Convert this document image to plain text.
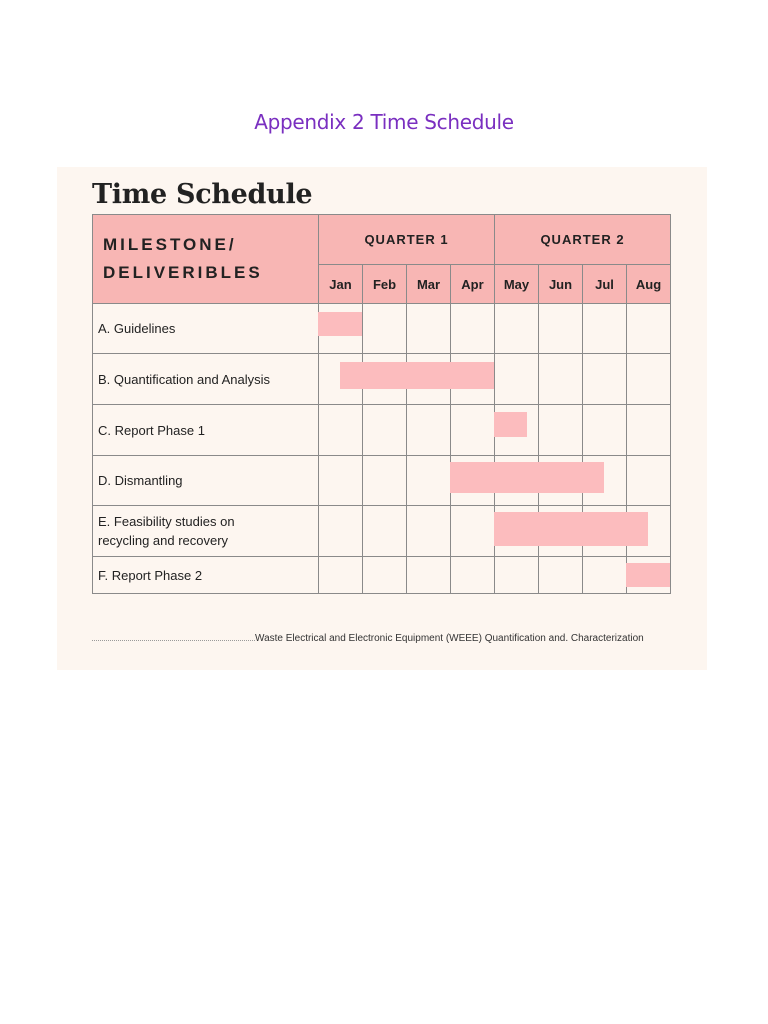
Appendix 2 Time Schedule
Time Schedule
MILESTONE/
DELIVERIBLES	QUARTER 1				QUARTER 2			
	Jan	Feb	Mar	Apr	May	Jun	Jul	Aug

A. Guidelines								

B. Quantification and Analysis								

C. Report Phase 1								

D. Dismantling								

E. Feasibility studies on
recycling and recovery								

F. Report Phase 2								

Waste Electrical and Electronic Equipment (WEEE) Quantification and. Characterization
